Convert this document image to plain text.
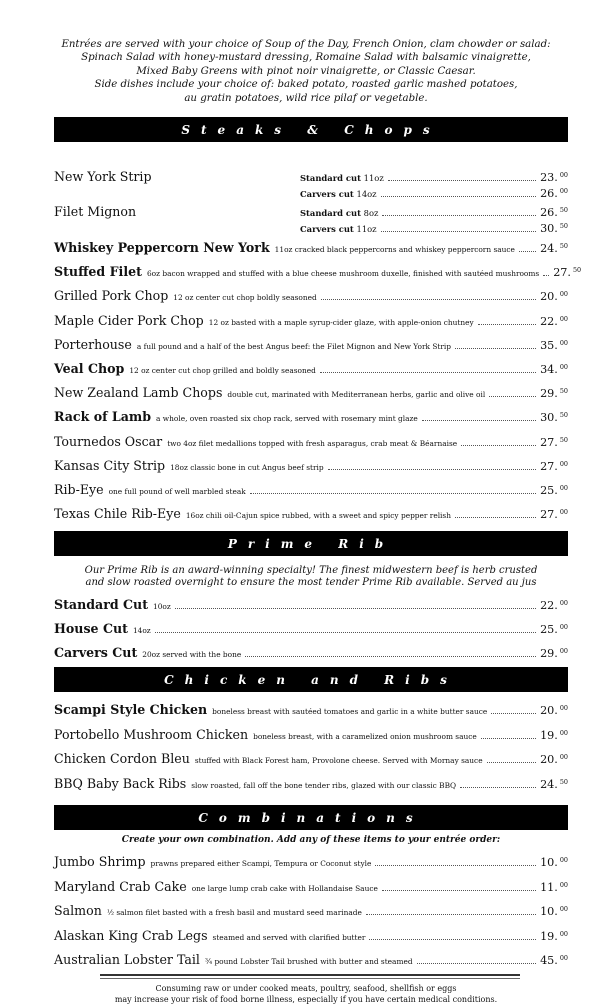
Entrées are served with your choice of Soup of the Day, French Onion, clam chowder or salad:
Spinach Salad with honey-mustard dressing, Romaine Salad with balsamic vinaigrette,
Mixed Baby Greens with pinot noir vinaigrette, or Classic Caesar.
Side dishes include your choice of: baked potato, roasted garlic mashed potatoes,
au gratin potatoes, wild rice pilaf or vegetable.
Steaks & Chops
New York Strip	Standard cut 11oz	23. $^{00}$
Carvers cut 14oz	26. $^{00}$
Filet Mignon	Standard cut 8oz	26. $^{50}$
Carvers cut 11oz	30. $^{50}$
Whiskey Peppercorn New York 11oz cracked black peppercorns and whiskey peppercorn sauce 24. $^{50}$
Stuffed Filet 6oz bacon wrapped and stuffed with a blue cheese mushroom duxelle, finished with sautéed mushrooms 27. $^{50}$
Grilled Pork Chop 12 oz center cut chop boldly seasoned	20. $^{00}$
Maple Cider Pork Chop 12 oz basted with a maple syrup-cider glaze, with apple-onion chutney	22. $^{00}$
Porterhouse a full pound and a half of the best Angus beef: the Filet Mignon and New York Strip	35. $^{00}$
Veal Chop 12 oz center cut chop grilled and boldly seasoned	34. $^{00}$
New Zealand Lamb Chops double cut, marinated with Mediterranean herbs, garlic and olive oil	29. $^{50}$
Rack of Lamb a whole, oven roasted six chop rack, served with rosemary mint glaze	30. $^{50}$
Tournedos Oscar two 4oz filet medallions topped with fresh asparagus, crab meat & Béarnaise	27. $^{50}$
Kansas City Strip 18oz classic bone in cut Angus beef strip	27. $^{00}$
Rib-Eye one full pound of well marbled steak	25. $^{00}$
Texas Chile Rib-Eye 16oz chili oil-Cajun spice rubbed, with a sweet and spicy pepper relish	27. $^{00}$
Prime Rib
Our Prime Rib is an award-winning specialty! The finest midwestern beef is herb crusted
and slow roasted overnight to ensure the most tender Prime Rib available. Served au jus
Standard Cut 10oz	22. $^{00}$
House Cut 14oz	25. $^{00}$
Carvers Cut 20oz served with the bone	29. $^{00}$
Chicken and Ribs
Scampi Style Chicken boneless breast with sautéed tomatoes and garlic in a white butter sauce	20. $^{00}$
Portobello Mushroom Chicken boneless breast, with a caramelized onion mushroom sauce	19. $^{00}$
Chicken Cordon Bleu stuffed with Black Forest ham, Provolone cheese. Served with Mornay sauce	20. $^{00}$
BBQ Baby Back Ribs slow roasted, fall off the bone tender ribs, glazed with our classic BBQ	24. $^{50}$
Combinations
Create your own combination. Add any of these items to your entrée order:
Jumbo Shrimp prawns prepared either Scampi, Tempura or Coconut style	10. $^{00}$
Maryland Crab Cake one large lump crab cake with Hollandaise Sauce	11. $^{00}$
Salmon ½ salmon filet basted with a fresh basil and mustard seed marinade	10. $^{00}$
Alaskan King Crab Legs steamed and served with clarified butter	19. $^{00}$
Australian Lobster Tail ¾ pound Lobster Tail brushed with butter and steamed	45. $^{00}$
Consuming raw or under cooked meats, poultry, seafood, shellfish or eggs
may increase your risk of food borne illness, especially if you have certain medical conditions.
